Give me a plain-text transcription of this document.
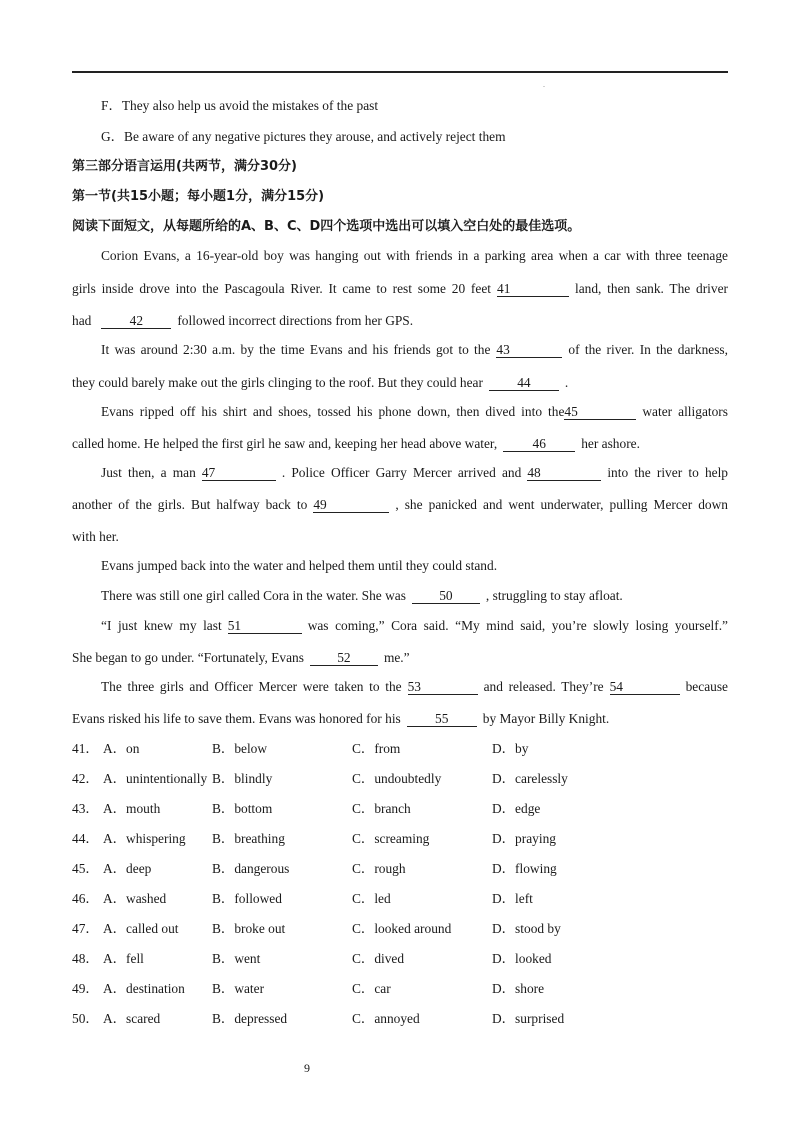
.
F．They also help us avoid the mistakes of the past
G．Be aware of any negative pictures they arouse, and actively reject them
第三部分语言运用(共两节，满分30分)
第一节(共15小题；每小题1分，满分15分)
阅读下面短文，从每题所给的A、B、C、D四个选项中选出可以填入空白处的最佳选项。
Corion Evans, a 16-year-old boy was hanging out with friends in a parking area when a car with three teenage
girls inside drove into the Pascagoula River. It came to rest some 20 feet 41	land, then sank. The driver
had	42	followed incorrect directions from her GPS.
It was around 2:30 a.m. by the time Evans and his friends got to the 43	of the river. In the darkness,
they could barely make out the girls clinging to the roof. But they could hear	44	.
Evans ripped off his shirt and shoes, tossed his phone down, then dived into the45	water alligators
called home. He helped the first girl he saw and, keeping her head above water,	46	her ashore.
Just then, a man 47	. Police Officer Garry Mercer arrived and 48	into the river to help
another of the girls. But halfway back to 49	, she panicked and went underwater, pulling Mercer down
with her.
Evans jumped back into the water and helped them until they could stand.
There was still one girl called Cora in the water. She was 50 , struggling to stay afloat.
“I just knew my last 51	was coming,” Cora said. “My mind said, you’re slowly losing yourself.”
She began to go under. “Fortunately, Evans 52 me.”
The three girls and Officer Mercer were taken to the 53	and released. They’re 54	because
Evans risked his life to save them. Evans was honored for his	55	by Mayor Billy Knight.
41． A．on	B．below	C．from	D．by
42． A．unintentionally B．blindly	C．undoubtedly	D．carelessly
43． A．mouth	B．bottom	C．branch	D．edge
44． A．whispering B．breathing	C．screaming	D．praying
45． A．deep	B．dangerous	C．rough	D．flowing
46． A．washed	B．followed	C．led	D．left
47． A．called out	B．broke out	C．looked around	D．stood by
48． A．fell	B．went	C．dived	D．looked
49． A．destination B．water	C．car	D．shore
50． A．scared	B．depressed	C．annoyed	D．surprised
9
